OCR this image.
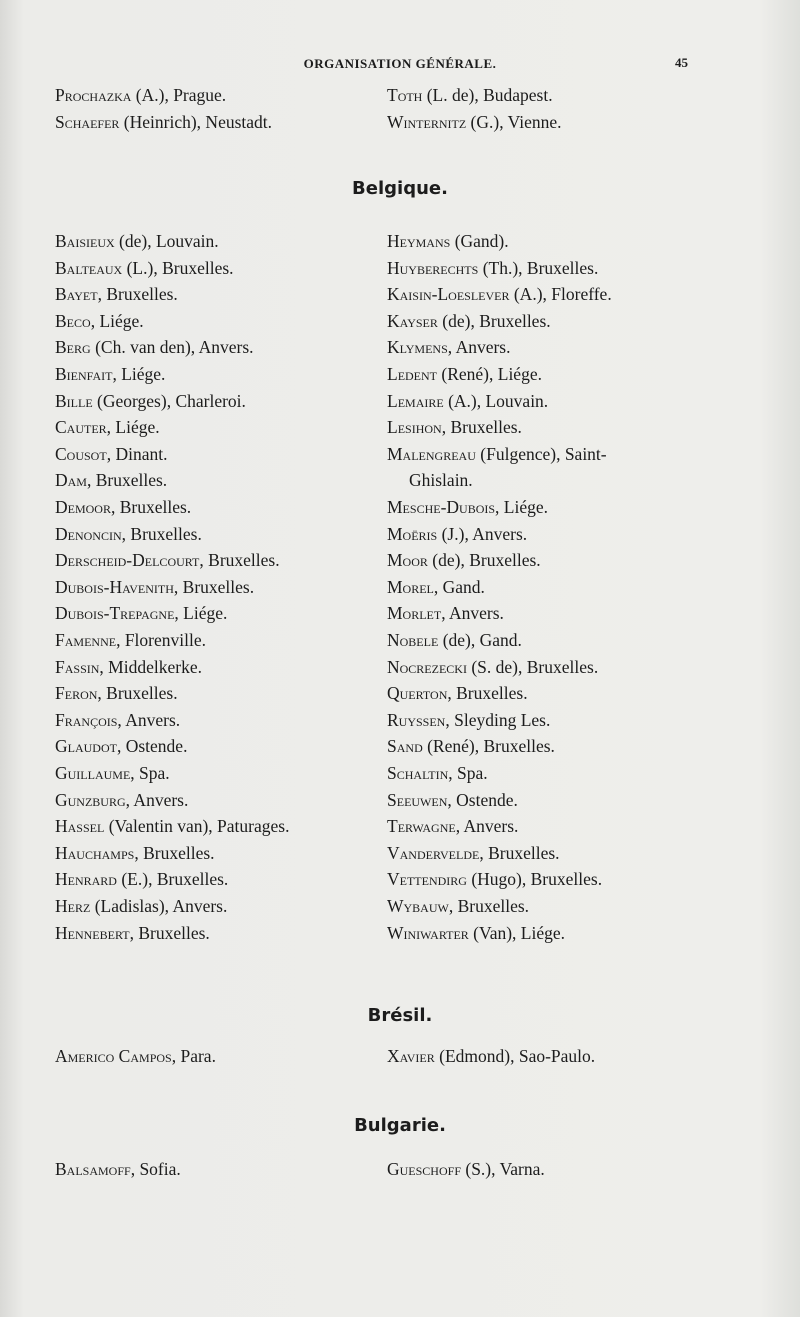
ORGANISATION GÉNÉRALE.	45
Prochazka (A.), Prague.
Schaefer (Heinrich), Neustadt.
Toth (L. de), Budapest.
Winternitz (G.), Vienne.
Baisieux (de), Louvain.
Balteaux (L.), Bruxelles.
Bayet, Bruxelles.
Beco, Liége.
Berg (Ch. van den), Anvers.
Bienfait, Liége.
Bille (Georges), Charleroi.
Cauter, Liége.
Cousot, Dinant.
Dam, Bruxelles.
Demoor, Bruxelles.
Denoncin, Bruxelles.
Derscheid-Delcourt, Bruxelles.
Dubois-Havenith, Bruxelles.
Dubois-Trepagne, Liége.
Famenne, Florenville.
Fassin, Middelkerke.
Feron, Bruxelles.
François, Anvers.
Glaudot, Ostende.
Guillaume, Spa.
Gunzburg, Anvers.
Hassel (Valentin van), Paturages.
Hauchamps, Bruxelles.
Henrard (E.), Bruxelles.
Herz (Ladislas), Anvers.
Hennebert, Bruxelles.
Heymans (Gand).
Huyberechts (Th.), Bruxelles.
Kaisin-Loeslever (A.), Floreffe.
Kayser (de), Bruxelles.
Klymens, Anvers.
Ledent (René), Liége.
Lemaire (A.), Louvain.
Lesihon, Bruxelles.
Malengreau (Fulgence), Saint-
Ghislain.
Mesche-Dubois, Liége.
Moëris (J.), Anvers.
Moor (de), Bruxelles.
Morel, Gand.
Morlet, Anvers.
Nobele (de), Gand.
Nocrezecki (S. de), Bruxelles.
Querton, Bruxelles.
Ruyssen, Sleyding Les.
Sand (René), Bruxelles.
Schaltin, Spa.
Seeuwen, Ostende.
Terwagne, Anvers.
Vandervelde, Bruxelles.
Vettendirg (Hugo), Bruxelles.
Wybauw, Bruxelles.
Winiwarter (Van), Liége.
Americo Campos, Para.	Xavier (Edmond), Sao-Paulo.
Balsamoff, Sofia.	Gueschoff (S.), Varna.
Belgique.
Brésil.
Bulgarie.
